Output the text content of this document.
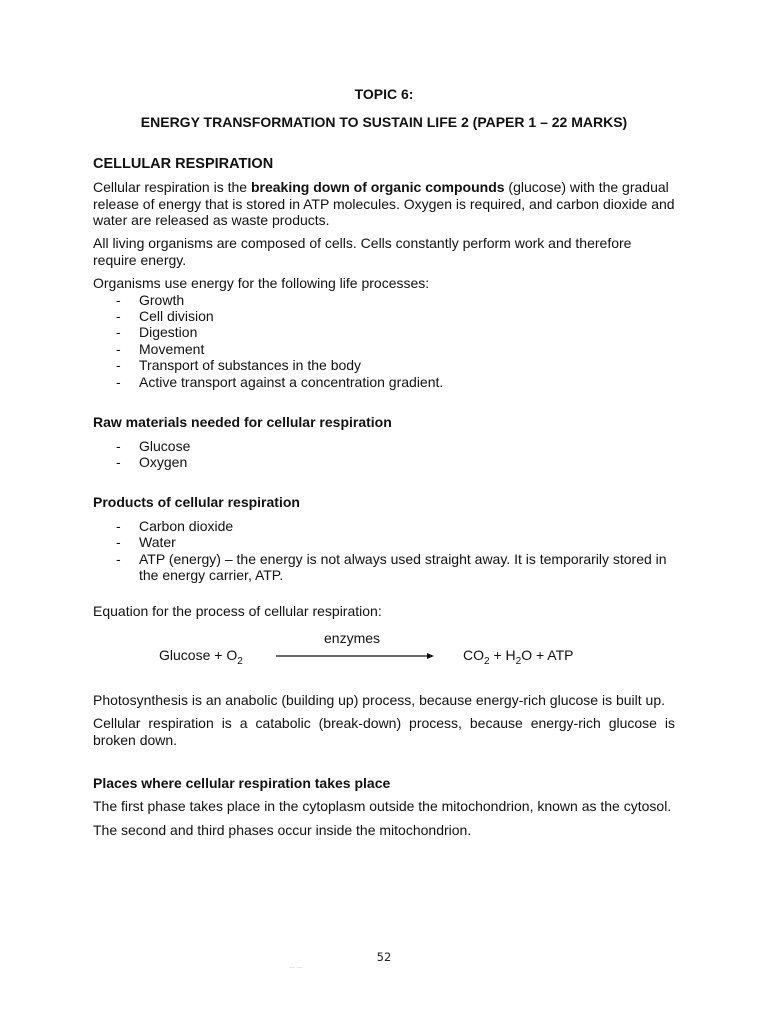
TOPIC 6:

ENERGY TRANSFORMATION TO SUSTAIN LIFE 2 (PAPER 1 – 22 MARKS)

CELLULAR RESPIRATION

Cellular respiration is the breaking down of organic compounds (glucose) with the gradual release of energy that is stored in ATP molecules. Oxygen is required, and carbon dioxide and water are released as waste products.

All living organisms are composed of cells. Cells constantly perform work and therefore require energy.

Organisms use energy for the following life processes:

- Growth
- Cell division
- Digestion
- Movement
- Transport of substances in the body
- Active transport against a concentration gradient.

Raw materials needed for cellular respiration

- Glucose
- Oxygen

Products of cellular respiration

- Carbon dioxide
- Water
- ATP (energy) – the energy is not always used straight away. It is temporarily stored in the energy carrier, ATP.

Equation for the process of cellular respiration:

enzymes
$Glucose + O_2$	$CO_2 + H_2O$ + ATP

Photosynthesis is an anabolic (building up) process, because energy-rich glucose is built up.

Cellular respiration is a catabolic (break-down) process, because energy-rich glucose is broken down.

Places where cellular respiration takes place

The first phase takes place in the cytoplasm outside the mitochondrion, known as the cytosol.

The second and third phases occur inside the mitochondrion.

52
— —
